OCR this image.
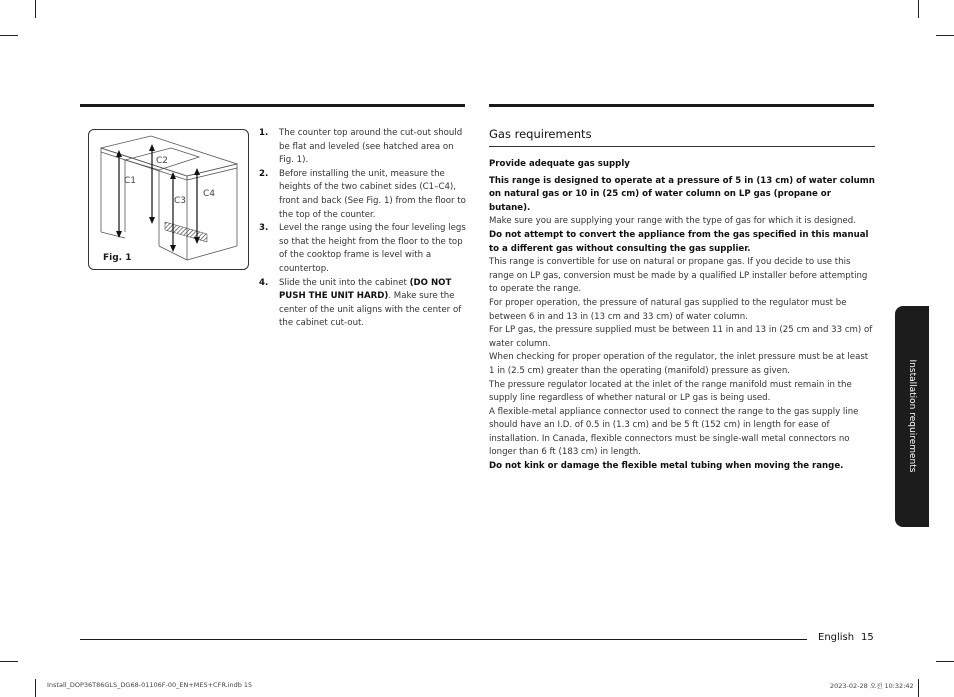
C1
C2
C3
C4
Fig. 1
1. The counter top around the cut-out should be flat and leveled (see hatched area on Fig. 1).
2. Before installing the unit, measure the heights of the two cabinet sides (C1–C4), front and back (See Fig. 1) from the floor to the top of the counter.
3. Level the range using the four leveling legs so that the height from the floor to the top of the cooktop frame is level with a countertop.
4. Slide the unit into the cabinet (DO NOT PUSH THE UNIT HARD). Make sure the center of the unit aligns with the center of the cabinet cut-out.
Gas requirements

Provide adequate gas supply

This range is designed to operate at a pressure of 5 in (13 cm) of water column on natural gas or 10 in (25 cm) of water column on LP gas (propane or butane).

Make sure you are supplying your range with the type of gas for which it is designed.

Do not attempt to convert the appliance from the gas specified in this manual to a different gas without consulting the gas supplier.

This range is convertible for use on natural or propane gas. If you decide to use this range on LP gas, conversion must be made by a qualified LP installer before attempting to operate the range.

For proper operation, the pressure of natural gas supplied to the regulator must be between 6 in and 13 in (13 cm and 33 cm) of water column.

For LP gas, the pressure supplied must be between 11 in and 13 in (25 cm and 33 cm) of water column.

When checking for proper operation of the regulator, the inlet pressure must be at least 1 in (2.5 cm) greater than the operating (manifold) pressure as given.

The pressure regulator located at the inlet of the range manifold must remain in the supply line regardless of whether natural or LP gas is being used.

A flexible-metal appliance connector used to connect the range to the gas supply line should have an I.D. of 0.5 in (1.3 cm) and be 5 ft (152 cm) in length for ease of installation. In Canada, flexible connectors must be single-wall metal connectors no longer than 6 ft (183 cm) in length.

Do not kink or damage the flexible metal tubing when moving the range.	Installation requirements
English 15
Install_DOP36T86GLS_DG68-01106F-00_EN+MES+CFR.indb 15	2023-02-28 오전 10:32:42
